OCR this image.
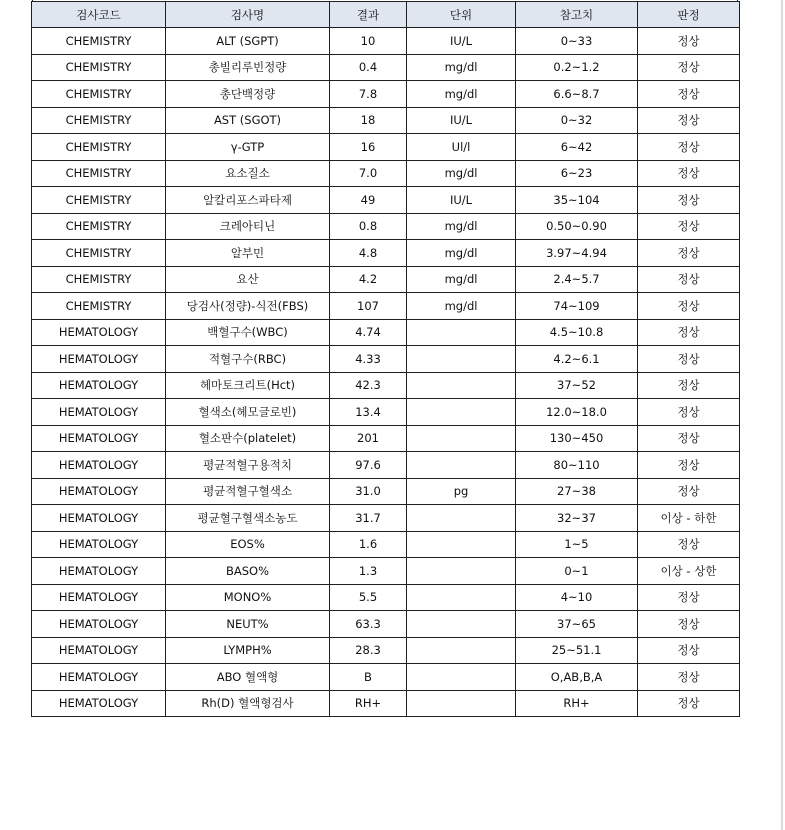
검사코드	검사명	결과	단위	참고치	판정
CHEMISTRY	ALT (SGPT)	10	IU/L	0~33	정상
CHEMISTRY	총빌리루빈정량	0.4	mg/dl	0.2~1.2	정상
CHEMISTRY	총단백정량	7.8	mg/dl	6.6~8.7	정상
CHEMISTRY	AST (SGOT)	18	IU/L	0~32	정상
CHEMISTRY	γ-GTP	16	Ul/l	6~42	정상
CHEMISTRY	요소질소	7.0	mg/dl	6~23	정상
CHEMISTRY	알칼리포스파타제	49	IU/L	35~104	정상
CHEMISTRY	크레아티닌	0.8	mg/dl	0.50~0.90	정상
CHEMISTRY	알부민	4.8	mg/dl	3.97~4.94	정상
CHEMISTRY	요산	4.2	mg/dl	2.4~5.7	정상
CHEMISTRY	당검사(정량)-식전(FBS)	107	mg/dl	74~109	정상
HEMATOLOGY	백혈구수(WBC)	4.74		4.5~10.8	정상
HEMATOLOGY	적혈구수(RBC)	4.33		4.2~6.1	정상
HEMATOLOGY	헤마토크리트(Hct)	42.3		37~52	정상
HEMATOLOGY	혈색소(헤모글로빈)	13.4		12.0~18.0	정상
HEMATOLOGY	혈소판수(platelet)	201		130~450	정상
HEMATOLOGY	평균적혈구용적치	97.6		80~110	정상
HEMATOLOGY	평균적혈구혈색소	31.0	pg	27~38	정상
HEMATOLOGY	평균혈구혈색소농도	31.7		32~37	이상 - 하한
HEMATOLOGY	EOS%	1.6		1~5	정상
HEMATOLOGY	BASO%	1.3		0~1	이상 - 상한
HEMATOLOGY	MONO%	5.5		4~10	정상
HEMATOLOGY	NEUT%	63.3		37~65	정상
HEMATOLOGY	LYMPH%	28.3		25~51.1	정상
HEMATOLOGY	ABO 혈액형	B		O,AB,B,A	정상
HEMATOLOGY	Rh(D) 혈액형검사	RH+		RH+	정상
